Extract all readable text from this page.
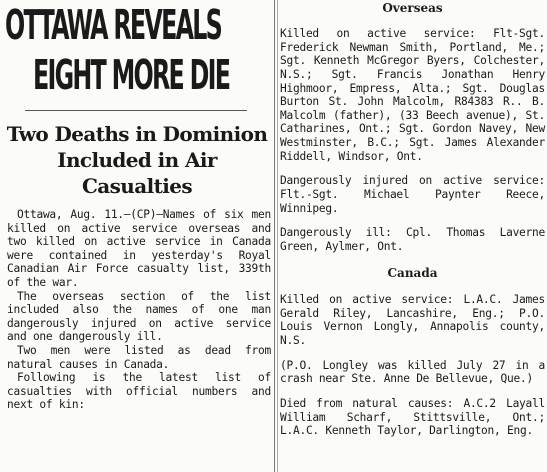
OTTAWA REVEALS
EIGHT MORE DIE
Two Deaths in Dominion Included in Air Casualties

Ottawa, Aug. 11.—(CP)—Names of six men killed on active service overseas and two killed on active service in Canada were contained in yesterday's Royal Canadian Air Force casualty list, 339th of the war.

The overseas section of the list included also the names of one man dangerously injured on active service and one dangerously ill.

Two men were listed as dead from natural causes in Canada.

Following is the latest list of casualties with official numbers and next of kin:

Overseas

Killed on active service: Flt-Sgt. Frederick Newman Smith, Portland, Me.; Sgt. Kenneth McGregor Byers, Colchester, N.S.; Sgt. Francis Jonathan Henry Highmoor, Empress, Alta.; Sgt. Douglas Burton St. John Malcolm, R84383 R.. B. Malcolm (father), (33 Beech avenue), St. Catharines, Ont.; Sgt. Gordon Navey, New Westminster, B.C.; Sgt. James Alexander Riddell, Windsor, Ont.

Dangerously injured on active service: Flt.-Sgt. Michael Paynter Reece, Winnipeg.

Dangerously ill: Cpl. Thomas Laverne Green, Aylmer, Ont.

Canada

Killed on active service: L.A.C. James Gerald Riley, Lancashire, Eng.; P.O. Louis Vernon Longly, Annapolis county, N.S.

(P.O. Longley was killed July 27 in a crash near Ste. Anne De Bellevue, Que.)

Died from natural causes: A.C.2 Layall William Scharf, Stittsville, Ont.; L.A.C. Kenneth Taylor, Darlington, Eng.
